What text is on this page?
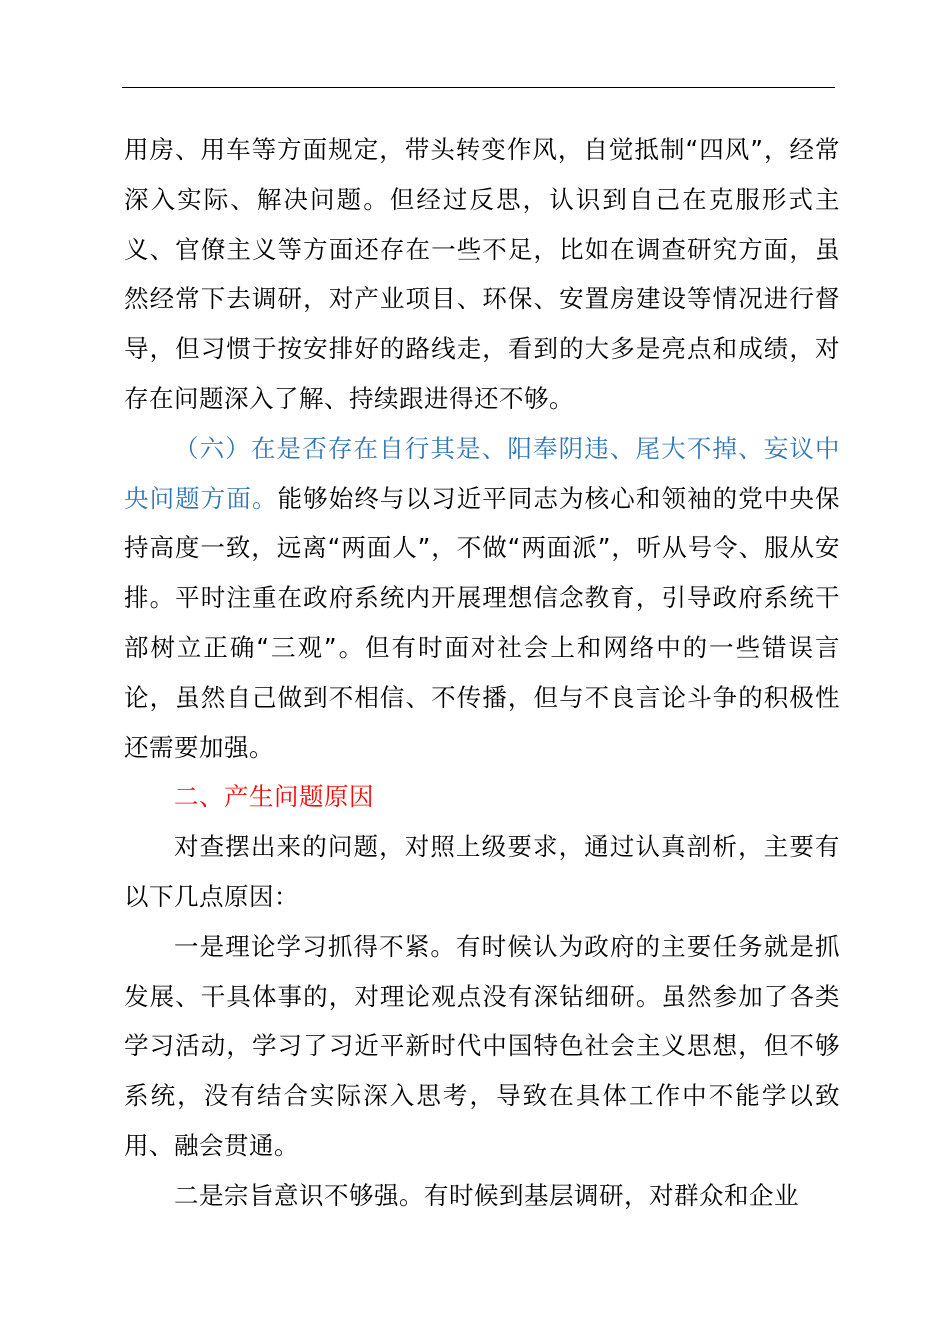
用房、用车等方面规定，带头转变作风，自觉抵制“四风”，经常深入实际、解决问题。但经过反思，认识到自己在克服形式主义、官僚主义等方面还存在一些不足，比如在调查研究方面，虽然经常下去调研，对产业项目、环保、安置房建设等情况进行督导，但习惯于按安排好的路线走，看到的大多是亮点和成绩，对存在问题深入了解、持续跟进得还不够。

（六）在是否存在自行其是、阳奉阴违、尾大不掉、妄议中央问题方面。能够始终与以习近平同志为核心和领袖的党中央保持高度一致，远离“两面人”，不做“两面派”，听从号令、服从安排。平时注重在政府系统内开展理想信念教育，引导政府系统干部树立正确“三观”。但有时面对社会上和网络中的一些错误言论，虽然自己做到不相信、不传播，但与不良言论斗争的积极性还需要加强。

二、产生问题原因

对查摆出来的问题，对照上级要求，通过认真剖析，主要有以下几点原因：

一是理论学习抓得不紧。有时候认为政府的主要任务就是抓发展、干具体事的，对理论观点没有深钻细研。虽然参加了各类学习活动，学习了习近平新时代中国特色社会主义思想，但不够系统，没有结合实际深入思考，导致在具体工作中不能学以致用、融会贯通。

二是宗旨意识不够强。有时候到基层调研，对群众和企业
